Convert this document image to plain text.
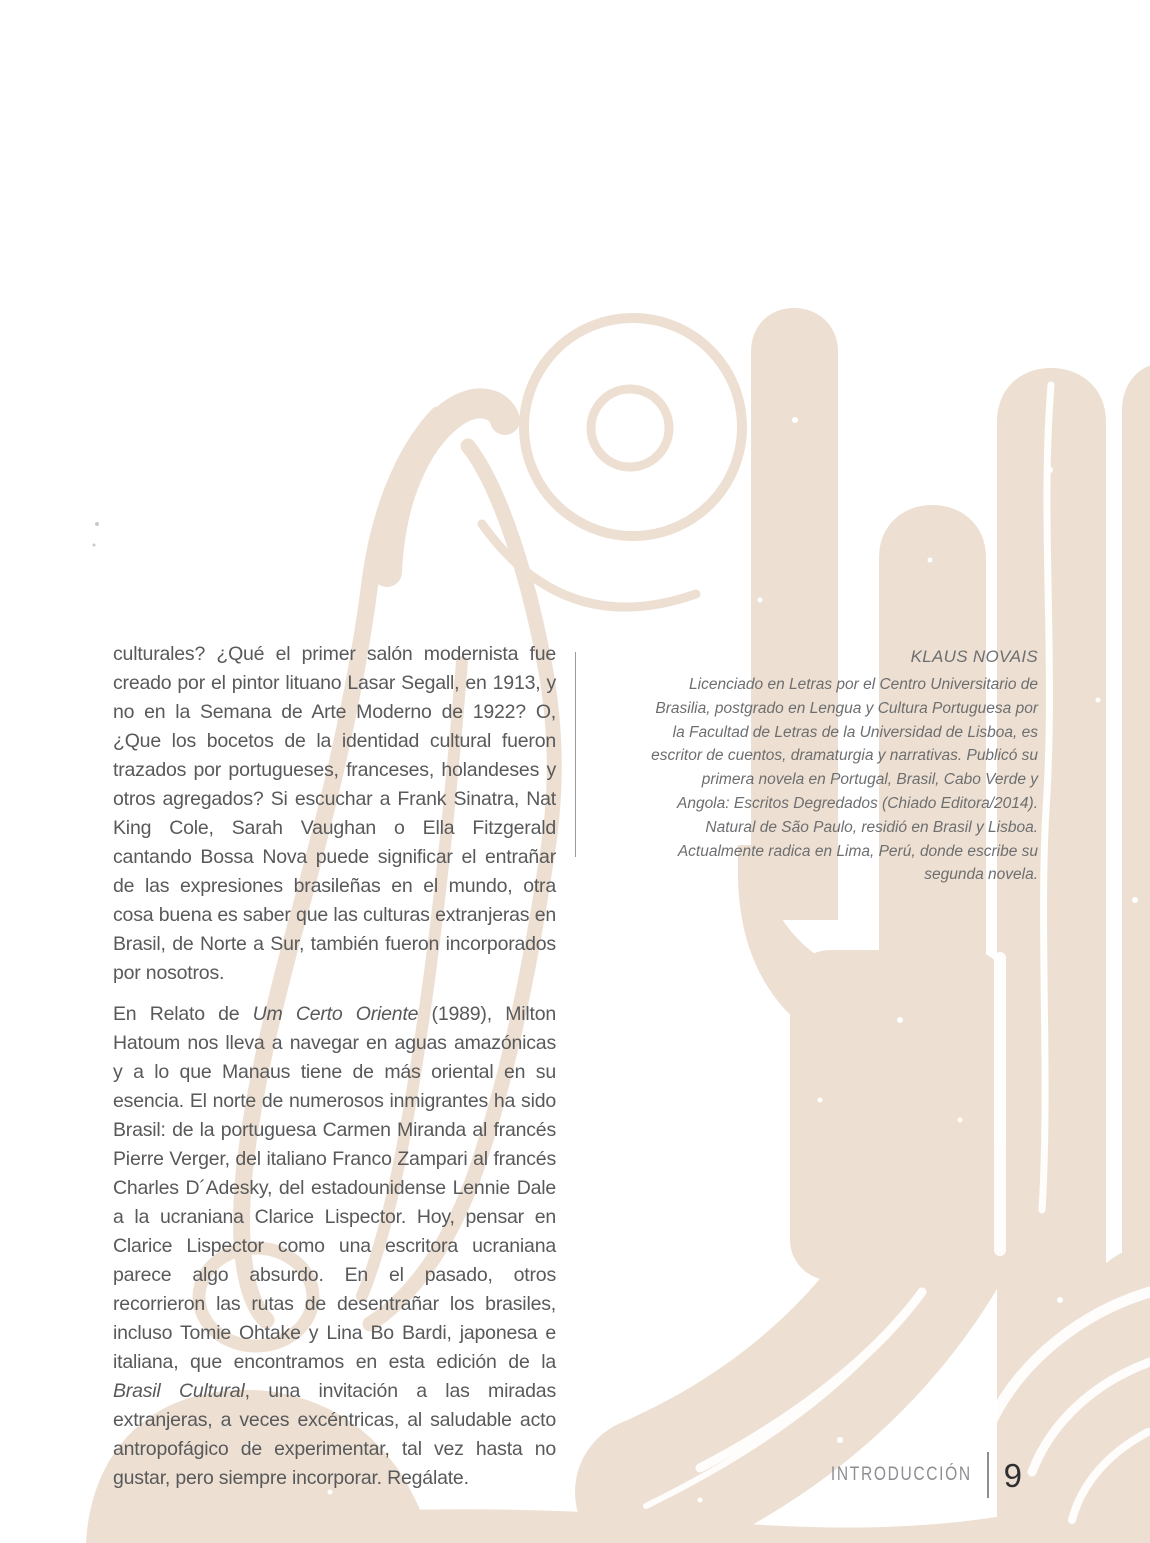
culturales? ¿Qué el primer salón modernista fue creado por el pintor lituano Lasar Segall, en 1913, y no en la Semana de Arte Moderno de 1922? O, ¿Que los bocetos de la identidad cultural fueron trazados por portugueses, franceses, holandeses y otros agregados? Si escuchar a Frank Sinatra, Nat King Cole, Sarah Vaughan o Ella Fitzgerald cantando Bossa Nova puede significar el entrañar de las expresiones brasileñas en el mundo, otra cosa buena es saber que las culturas extranjeras en Brasil, de Norte a Sur, también fueron incorporados por nosotros.

En Relato de Um Certo Oriente (1989), Milton Hatoum nos lleva a navegar en aguas amazónicas y a lo que Manaus tiene de más oriental en su esencia. El norte de numerosos inmigrantes ha sido Brasil: de la portuguesa Carmen Miranda al francés Pierre Verger, del italiano Franco Zampari al francés Charles D´Adesky, del estadounidense Lennie Dale a la ucraniana Clarice Lispector. Hoy, pensar en Clarice Lispector como una escritora ucraniana parece algo absurdo. En el pasado, otros recorrieron las rutas de desentrañar los brasiles, incluso Tomie Ohtake y Lina Bo Bardi, japonesa e italiana, que encontramos en esta edición de la Brasil Cultural, una invitación a las miradas extranjeras, a veces excéntricas, al saludable acto antropofágico de experimentar, tal vez hasta no gustar, pero siempre incorporar. Regálate.

KLAUS NOVAIS
Licenciado en Letras por el Centro Universitario de Brasilia, postgrado en Lengua y Cultura Portuguesa por la Facultad de Letras de la Universidad de Lisboa, es escritor de cuentos, dramaturgia y narrativas. Publicó su primera novela en Portugal, Brasil, Cabo Verde y Angola: Escritos Degredados (Chiado Editora/2014). Natural de São Paulo, residió en Brasil y Lisboa. Actualmente radica en Lima, Perú, donde escribe su segunda novela.
INTRODUCCIÓN 9
